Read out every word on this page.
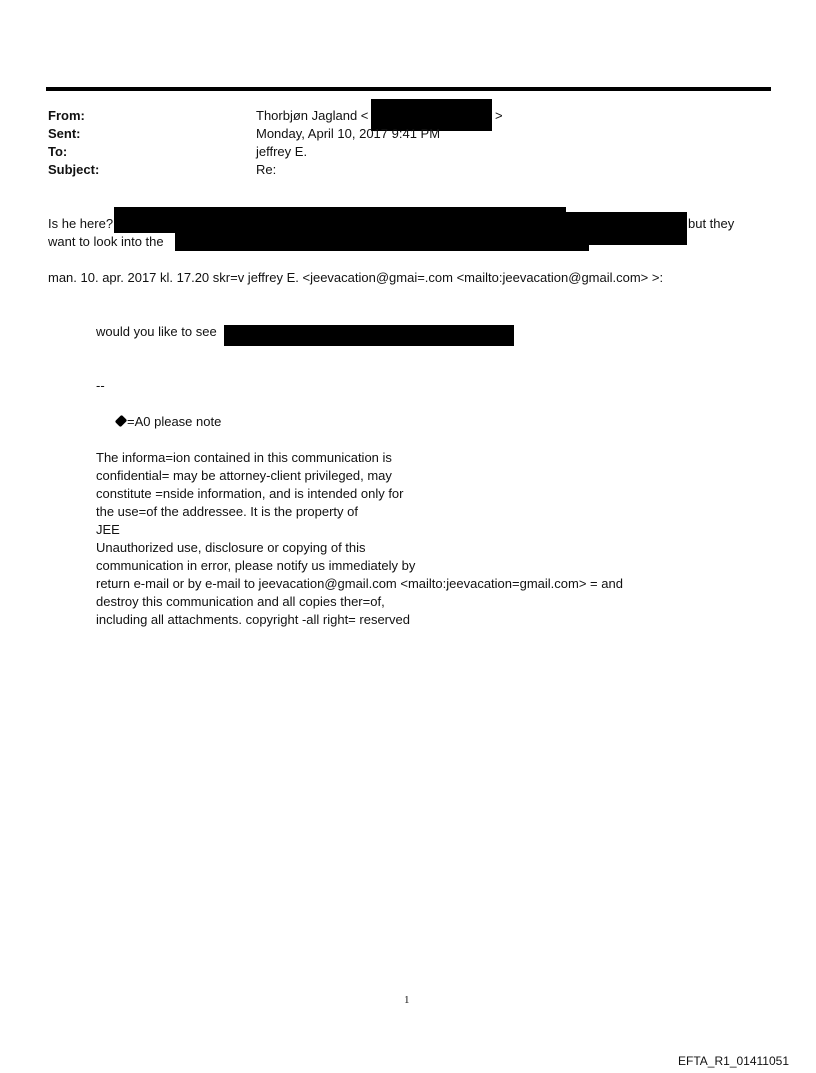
From:	Thorbjøn Jagland <	>
Sent:	Monday, April 10, 2017 9:41 PM
To:	jeffrey E.
Subject:	Re:
Is he here?	but they
want to look into the
man. 10. apr. 2017 kl. 17.20 skr=v jeffrey E. <jeevacation@gmai=.com <mailto:jeevacation@gmail.com> >:
would you like to see
--
=A0 please note
The informa=ion contained in this communication is
confidential= may be attorney-client privileged, may
constitute =nside information, and is intended only for
the use=of the addressee. It is the property of
JEE
Unauthorized use, disclosure or copying of this
communication in error, please notify us immediately by
return e-mail or by e-mail to jeevacation@gmail.com <mailto:jeevacation=gmail.com> = and
destroy this communication and all copies ther=of,
including all attachments. copyright -all right= reserved
1
EFTA_R1_01411051
